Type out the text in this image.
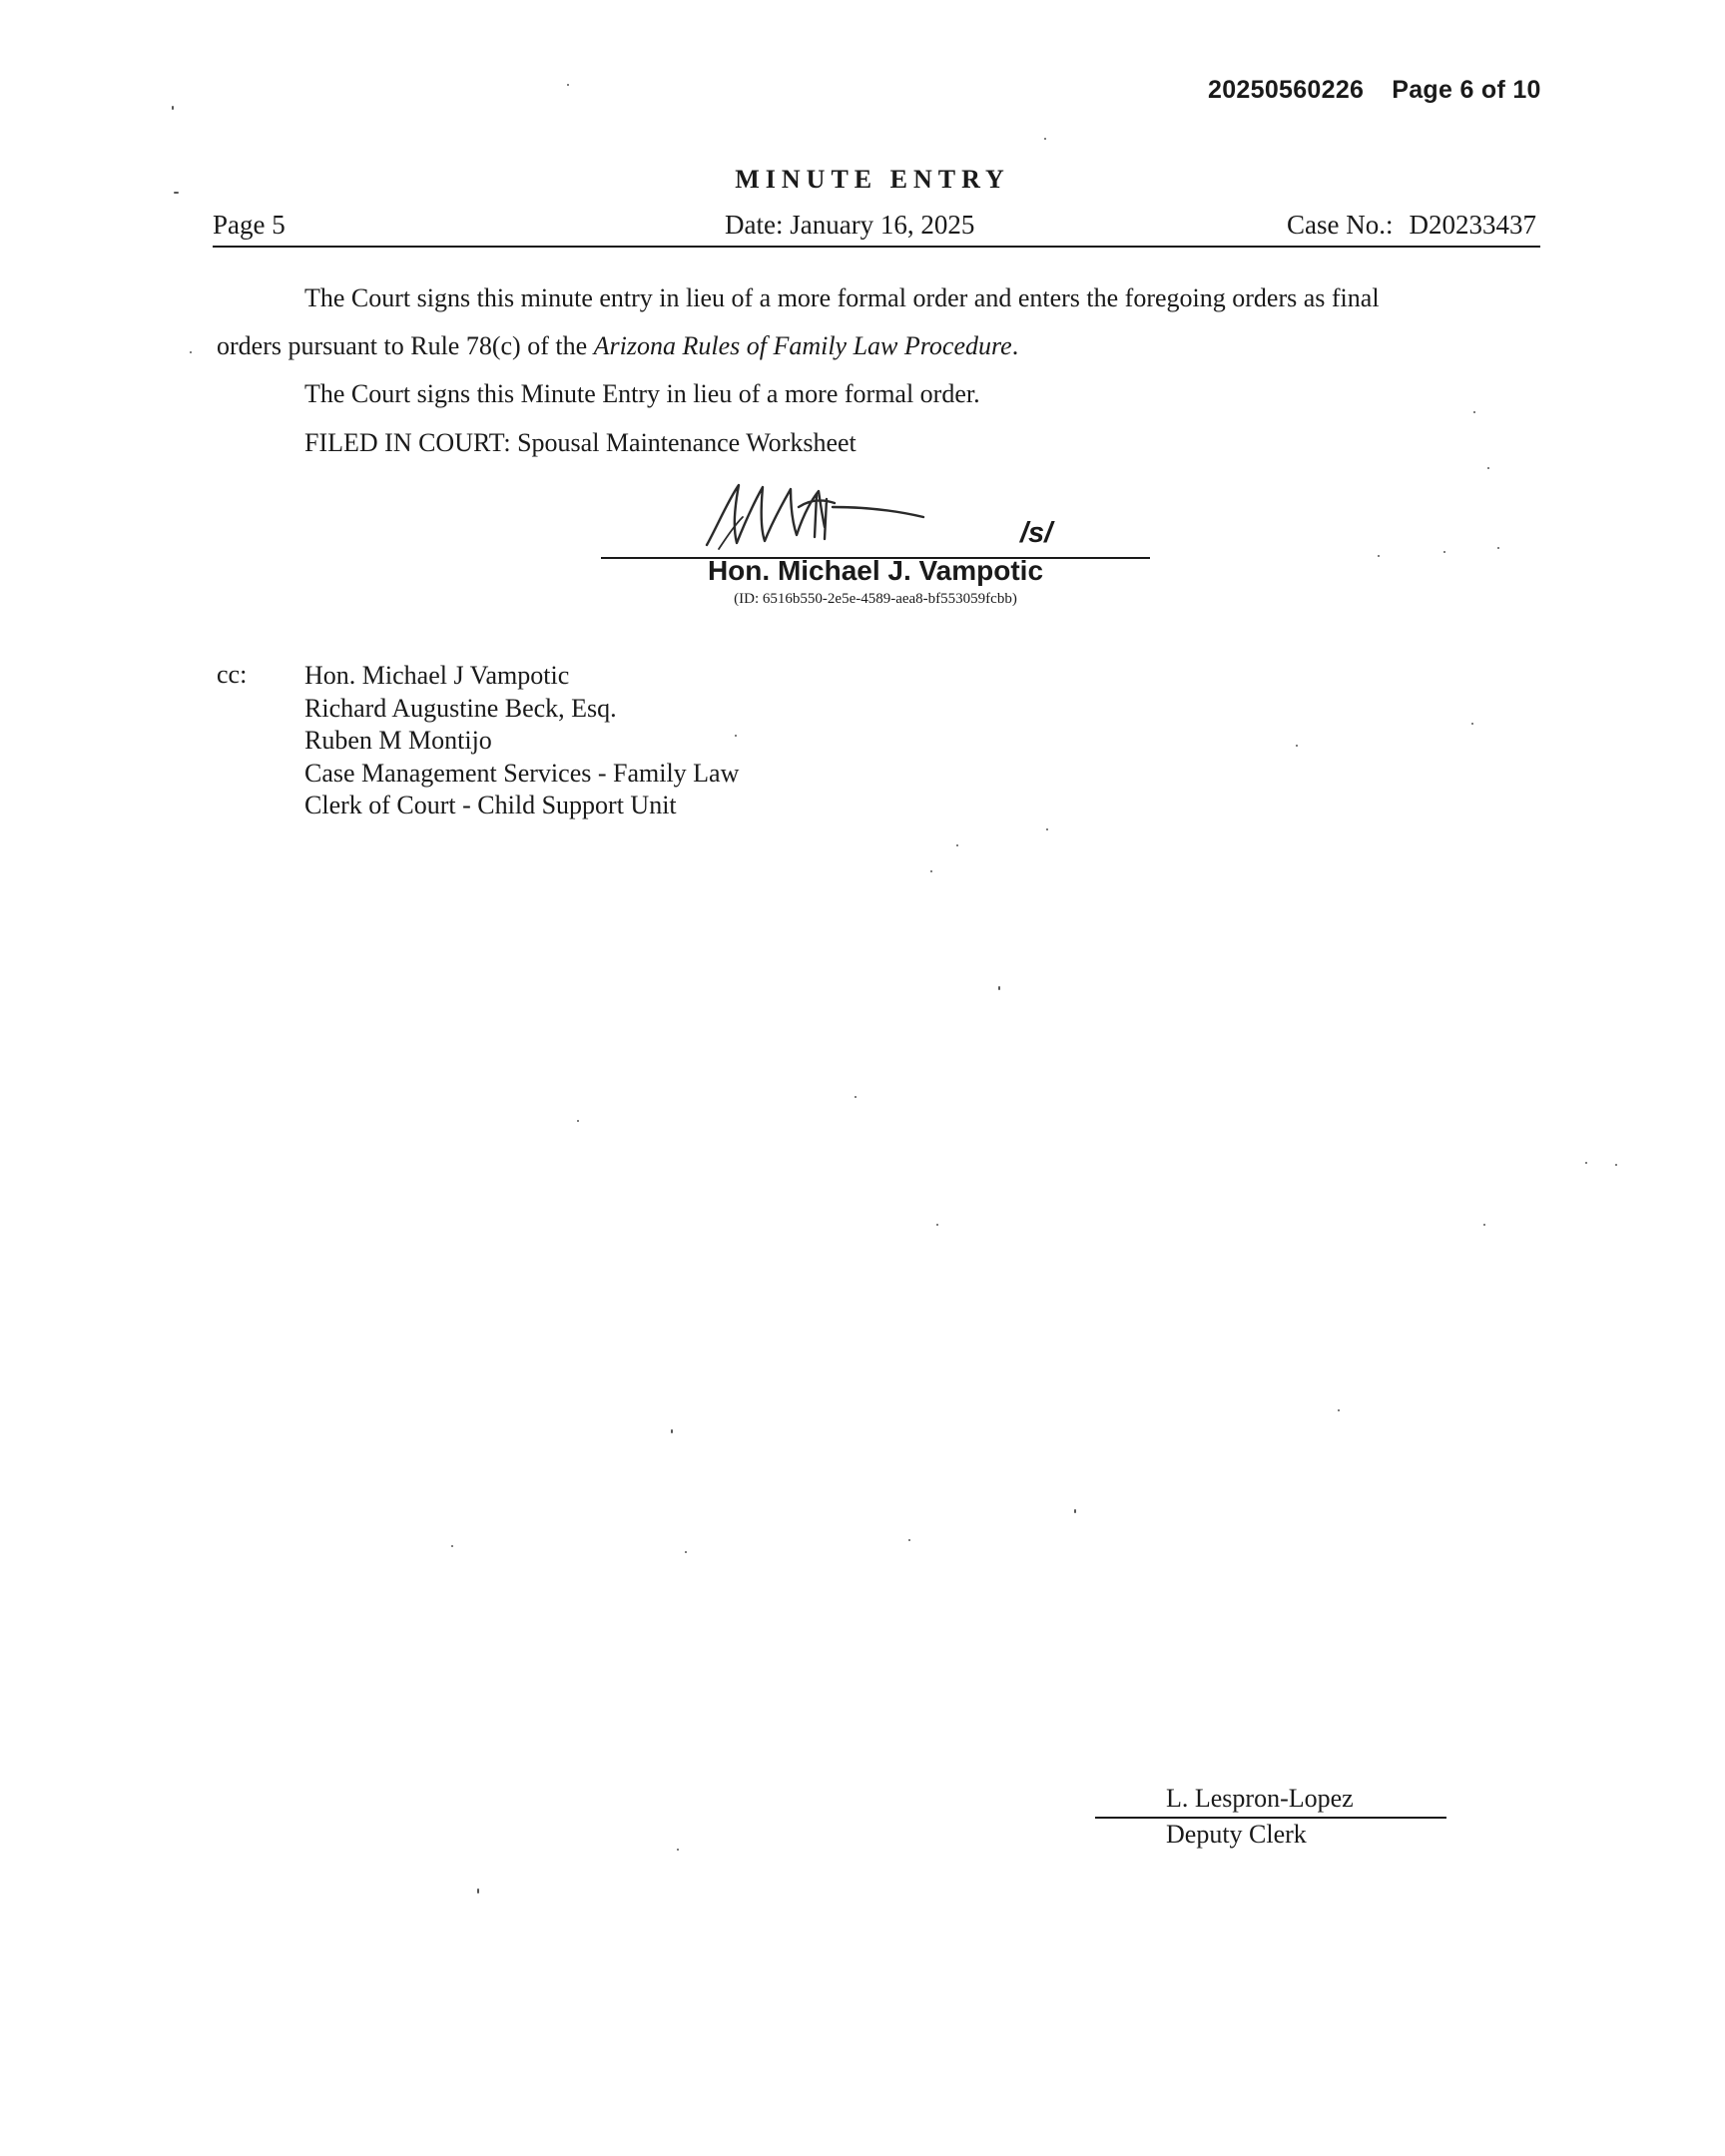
20250560226 Page 6 of 10
MINUTE ENTRY
Page 5	Date: January 16, 2025	Case No.: D20233437
The Court signs this minute entry in lieu of a more formal order and enters the foregoing orders as final
orders pursuant to Rule 78(c) of the Arizona Rules of Family Law Procedure.
The Court signs this Minute Entry in lieu of a more formal order.
FILED IN COURT: Spousal Maintenance Worksheet
/s/
Hon. Michael J. Vampotic
(ID: 6516b550-2e5e-4589-aea8-bf553059fcbb)
cc: Hon. Michael J Vampotic
Richard Augustine Beck, Esq.
Ruben M Montijo
Case Management Services - Family Law
Clerk of Court - Child Support Unit
L. Lespron-Lopez
Deputy Clerk
